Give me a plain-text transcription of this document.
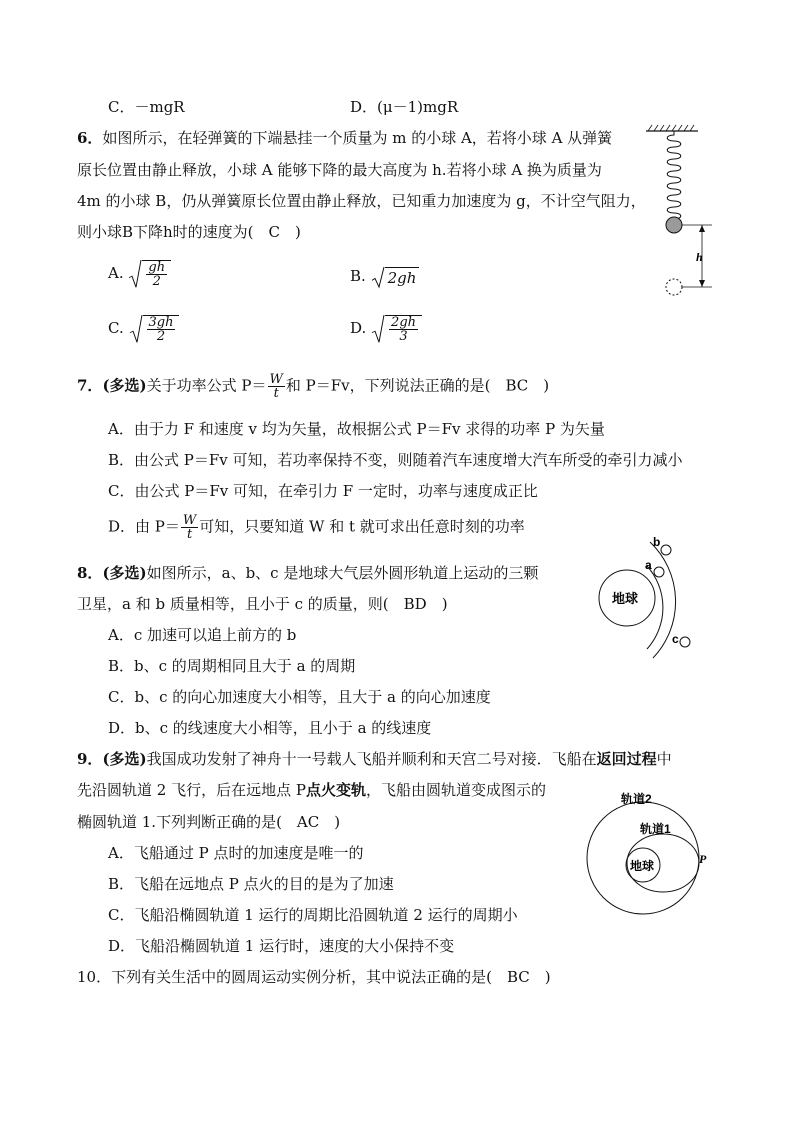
C．－mgR	D．(μ－1)mgR
6．如图所示，在轻弹簧的下端悬挂一个质量为 m 的小球 A，若将小球 A 从弹簧
原长位置由静止释放，小球 A 能够下降的最大高度为 h.若将小球 A 换为质量为
4m 的小球 B，仍从弹簧原长位置由静止释放，已知重力加速度为 g，不计空气阻力，
则小球B下降h时的速度为(　C　)
A. $\frac{gh}{2}$	B. 2gh
C. $\frac{3gh}{2}$	D. $\frac{2gh}{3}$
h
7．(多选)关于功率公式 $P= \frac{W}{t}$ 和 P＝Fv，下列说法正确的是(　BC　)
A．由于力 F 和速度 v 均为矢量，故根据公式 P＝Fv 求得的功率 P 为矢量
B．由公式 P＝Fv 可知，若功率保持不变，则随着汽车速度增大汽车所受的牵引力减小
C．由公式 P＝Fv 可知，在牵引力 F 一定时，功率与速度成正比
D．由 $P= \frac{W}{t}$ 可知，只要知道 W 和 t 就可求出任意时刻的功率
8．(多选)如图所示，a、b、c 是地球大气层外圆形轨道上运动的三颗
卫星，a 和 b 质量相等，且小于 c 的质量，则(　BD　)
A．c 加速可以追上前方的 b
B．b、c 的周期相同且大于 a 的周期
C．b、c 的向心加速度大小相等，且大于 a 的向心加速度
D．b、c 的线速度大小相等，且小于 a 的线速度
地球
a
b
c
9．(多选)我国成功发射了神舟十一号载人飞船并顺利和天宫二号对接．飞船在返回过程中
先沿圆轨道 2 飞行，后在远地点 P点火变轨，飞船由圆轨道变成图示的
椭圆轨道 1.下列判断正确的是(　AC　)
A．飞船通过 P 点时的加速度是唯一的
B．飞船在远地点 P 点火的目的是为了加速
C．飞船沿椭圆轨道 1 运行的周期比沿圆轨道 2 运行的周期小
D．飞船沿椭圆轨道 1 运行时，速度的大小保持不变
地球
轨道2
轨道1
P
10．下列有关生活中的圆周运动实例分析，其中说法正确的是(　BC　)
